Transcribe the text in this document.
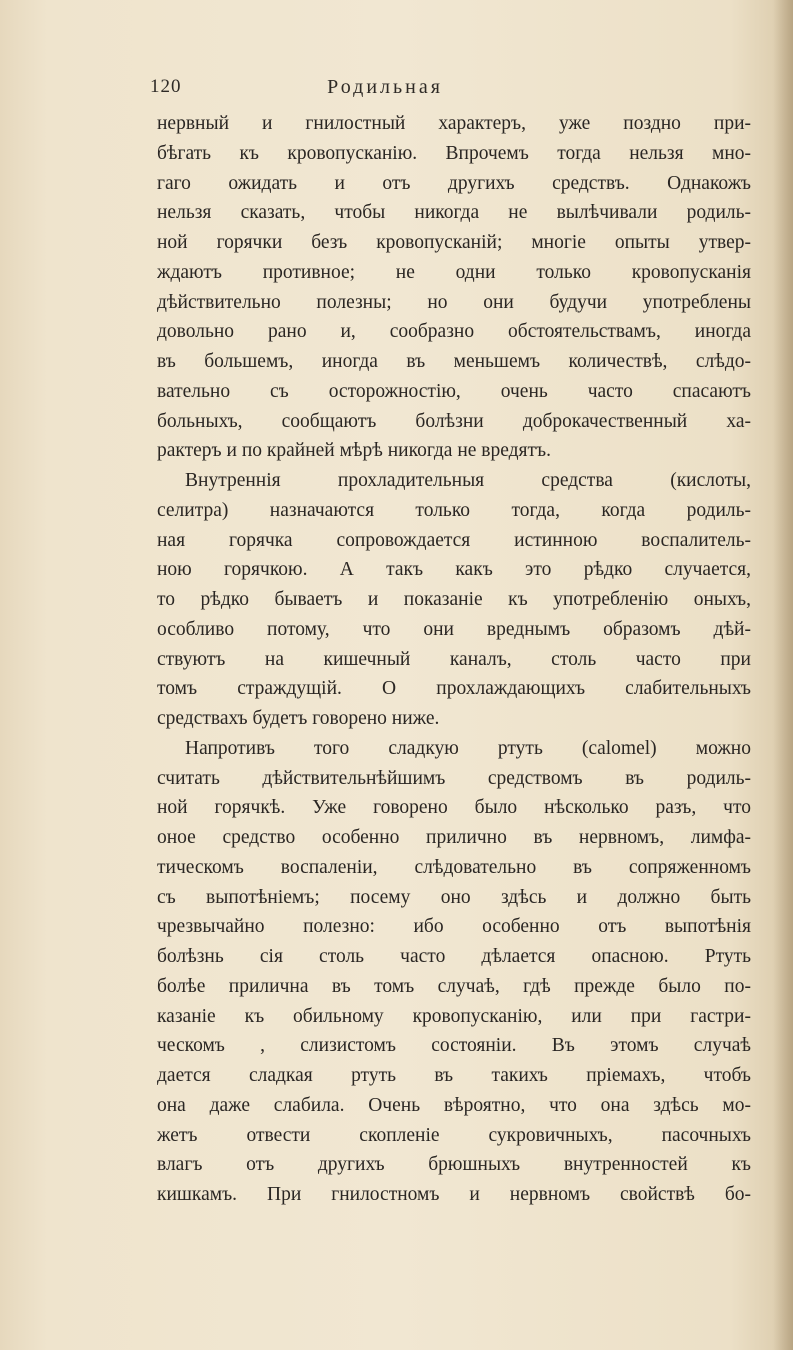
120	Родильная
нервный и гнилостный характеръ, уже поздно при-
бѣгать къ кровопусканію. Впрочемъ тогда нельзя мно-
гаго ожидать и отъ другихъ средствъ. Однакожъ
нельзя сказать, чтобы никогда не вылѣчивали родиль-
ной горячки безъ кровопусканій; многіе опыты утвер-
ждаютъ противное; не одни только кровопусканія
дѣйствительно полезны; но они будучи употреблены
довольно рано и, сообразно обстоятельствамъ, иногда
въ большемъ, иногда въ меньшемъ количествѣ, слѣдо-
вательно съ осторожностію, очень часто спасаютъ
больныхъ, сообщаютъ болѣзни доброкачественный ха-
рактеръ и по крайней мѣрѣ никогда не вредятъ.
Внутреннія прохладительныя средства (кислоты,
селитра) назначаются только тогда, когда родиль-
ная горячка сопровождается истинною воспалитель-
ною горячкою. А такъ какъ это рѣдко случается,
то рѣдко бываетъ и показаніе къ употребленію оныхъ,
особливо потому, что они вреднымъ образомъ дѣй-
ствуютъ на кишечный каналъ, столь часто при
томъ страждущій. О прохлаждающихъ слабительныхъ
средствахъ будетъ говорено ниже.
Напротивъ того сладкую ртуть (calomel) можно
считать дѣйствительнѣйшимъ средствомъ въ родиль-
ной горячкѣ. Уже говорено было нѣсколько разъ, что
оное средство особенно прилично въ нервномъ, лимфа-
тическомъ воспаленіи, слѣдовательно въ сопряженномъ
съ выпотѣніемъ; посему оно здѣсь и должно быть
чрезвычайно полезно: ибо особенно отъ выпотѣнія
болѣзнь сія столь часто дѣлается опасною. Ртуть
болѣе прилична въ томъ случаѣ, гдѣ прежде было по-
казаніе къ обильному кровопусканію, или при гастри-
ческомъ , слизистомъ состояніи. Въ этомъ случаѣ
дается сладкая ртуть въ такихъ пріемахъ, чтобъ
она даже слабила. Очень вѣроятно, что она здѣсь мо-
жетъ отвести скопленіе сукровичныхъ, пасочныхъ
влагъ отъ другихъ брюшныхъ внутренностей къ
кишкамъ. При гнилостномъ и нервномъ свойствѣ бо-
